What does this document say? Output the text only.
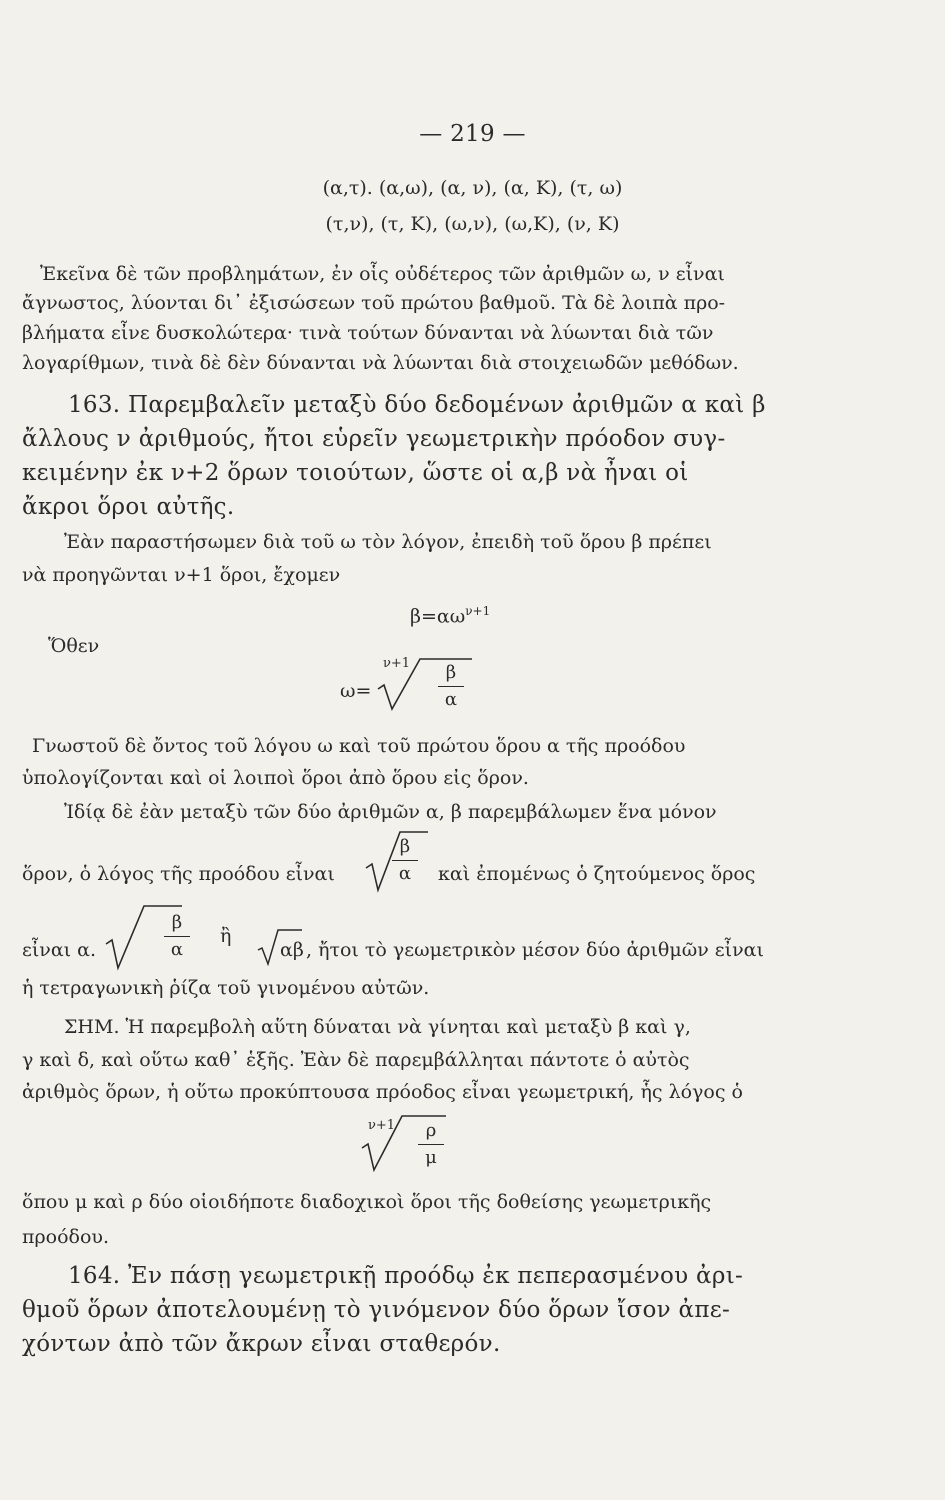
— 219 —
(α,τ). (α,ω), (α, ν), (α, Κ), (τ, ω)
(τ,ν), (τ, Κ), (ω,ν), (ω,Κ), (ν, Κ)
Ἐκεῖνα δὲ τῶν προβλημάτων, ἐν οἷς οὐδέτερος τῶν ἀριθμῶν ω, ν εἶναι
ἄγνωστος, λύονται δι᾽ ἐξισώσεων τοῦ πρώτου βαθμοῦ. Τὰ δὲ λοιπὰ προ-
βλήματα εἶνε δυσκολώτερα· τινὰ τούτων δύνανται νὰ λύωνται διὰ τῶν
λογαρίθμων, τινὰ δὲ δὲν δύνανται νὰ λύωνται διὰ στοιχειωδῶν μεθόδων.
163. Παρεμβαλεῖν μεταξὺ δύο δεδομένων ἀριθμῶν α καὶ β
ἄλλους ν ἀριθμούς, ἤτοι εὑρεῖν γεωμετρικὴν πρόοδον συγ-
κειμένην ἐκ ν+2 ὅρων τοιούτων, ὥστε οἱ α,β νὰ ἦναι οἱ
ἄκροι ὅροι αὐτῆς.
Ἐὰν παραστήσωμεν διὰ τοῦ ω τὸν λόγον, ἐπειδὴ τοῦ ὅρου β πρέπει
νὰ προηγῶνται ν+1 ὅροι, ἔχομεν
$\beta=\alpha\omega^{\nu+1}$
Ὅθεν
ω=
ν+1	β
α
Γνωστοῦ δὲ ὄντος τοῦ λόγου ω καὶ τοῦ πρώτου ὅρου α τῆς προόδου
ὑπολογίζονται καὶ οἱ λοιποὶ ὅροι ἀπὸ ὅρου εἰς ὅρον.
Ἰδίᾳ δὲ ἐὰν μεταξὺ τῶν δύο ἀριθμῶν α, β παρεμβάλωμεν ἕνα μόνον
ὅρον, ὁ λόγος τῆς προόδου εἶναι
β
α	καὶ ἐπομένως ὁ ζητούμενος ὅρος
εἶναι α.
β
α
ἢ
αβ , ἤτοι τὸ γεωμετρικὸν μέσον δύο ἀριθμῶν εἶναι
ἡ τετραγωνικὴ ῥίζα τοῦ γινομένου αὐτῶν.
ΣΗΜ. Ἡ παρεμβολὴ αὕτη δύναται νὰ γίνηται καὶ μεταξὺ β καὶ γ,
γ καὶ δ, καὶ οὕτω καθ᾽ ἑξῆς. Ἐὰν δὲ παρεμβάλληται πάντοτε ὁ αὐτὸς
ἀριθμὸς ὅρων, ἡ οὕτω προκύπτουσα πρόοδος εἶναι γεωμετρική, ἧς λόγος ὁ
ν+1	ρ
μ
ὅπου μ καὶ ρ δύο οἱοιδήποτε διαδοχικοὶ ὅροι τῆς δοθείσης γεωμετρικῆς
προόδου.
164. Ἐν πάσῃ γεωμετρικῇ προόδῳ ἐκ πεπερασμένου ἀρι-
θμοῦ ὅρων ἀποτελουμένῃ τὸ γινόμενον δύο ὅρων ἴσον ἀπε-
χόντων ἀπὸ τῶν ἄκρων εἶναι σταθερόν.
